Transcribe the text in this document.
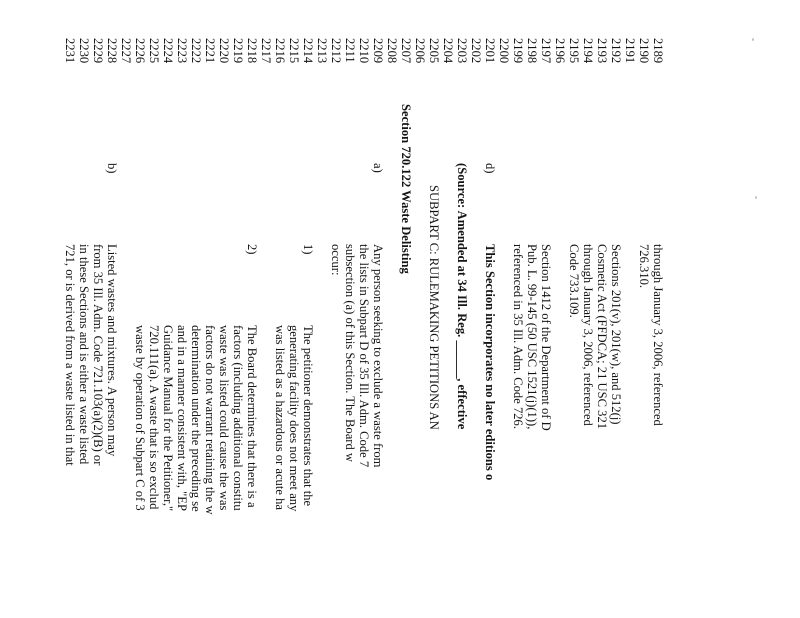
2189
2190
2191
2192
2193
2194
2195
2196
2197
2198
2199
2200
2201
2202
2203
2204
2205
2206
2207
2208
2209
2210
2211
2212
2213
2214
2215
2216
2217
2218
2219
2220
2221
2222
2223
2224
2225
2226
2227
2228
2229
2230
2231
through January 3, 2006, referenced
726.310.
Sections 201(v), 201(w), and 512(j)
Cosmetic Act (FFDCA; 21 USC 321
through January 3, 2006, referenced
Code 733.109.
Section 1412 of the Department of D
Pub. L. 99-145 (50 USC 1521(j)(1)),
referenced in 35 Ill. Adm. Code 726.
d)
This Section incorporates no later editions o
(Source: Amended at 34 Ill. Reg. ______, effective
SUBPART C: RULEMAKING PETITIONS AN
Section 720.122 Waste Delisting
a)
Any person seeking to exclude a waste from
the lists in Subpart D of 35 Ill. Adm. Code 7
subsection (a) of this Section. The Board w
occur:
1)
The petitioner demonstrates that the
generating facility does not meet any
was listed as a hazardous or acute ha
2)
The Board determines that there is a
factors (including additional constitu
waste was listed could cause the was
factors do not warrant retaining the w
determination under the preceding se
and in a manner consistent with, "EP
Guidance Manual for the Petitioner,"
720.111(a). A waste that is so exclud
waste by operation of Subpart C of 3
b)
Listed wastes and mixtures. A person may
from 35 Ill. Adm. Code 721.103(a)(2)(B) or
in these Sections and is either a waste listed
721, or is derived from a waste listed in that
